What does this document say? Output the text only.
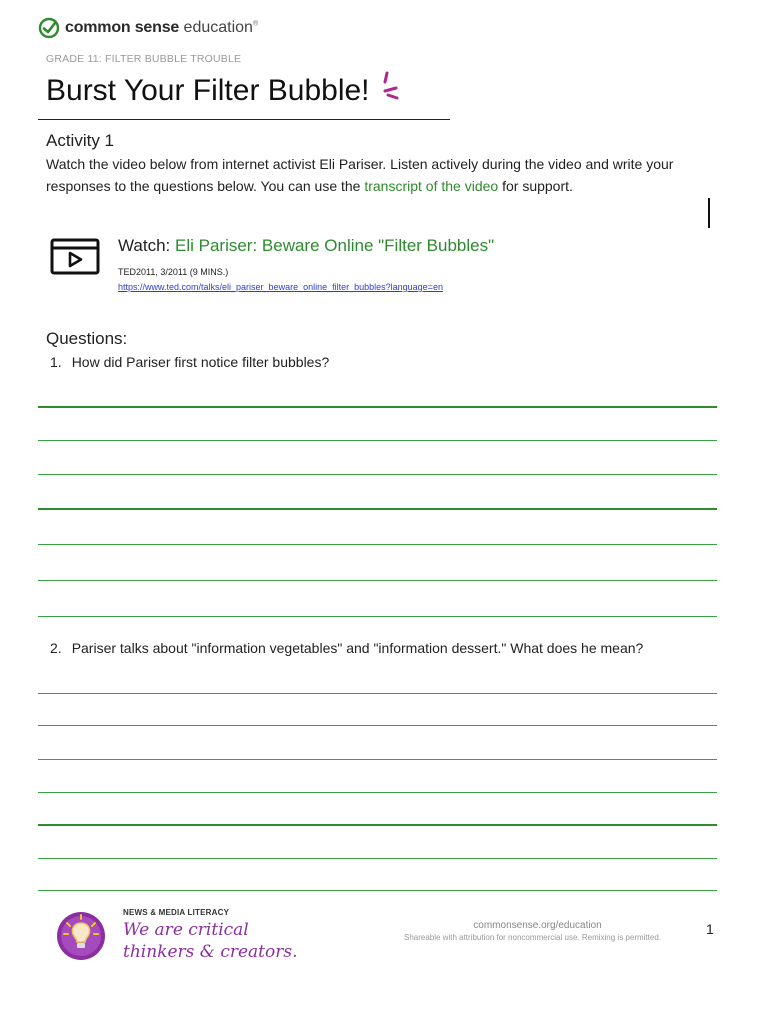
common sense education®
GRADE 11: FILTER BUBBLE TROUBLE
Burst Your Filter Bubble!
Activity 1
Watch the video below from internet activist Eli Pariser. Listen actively during the video and write your responses to the questions below. You can use the transcript of the video for support.
Watch: Eli Pariser: Beware Online "Filter Bubbles"
TED2011, 3/2011 (9 MINS.)
https://www.ted.com/talks/eli_pariser_beware_online_filter_bubbles?language=en
Questions:
1. How did Pariser first notice filter bubbles?
2. Pariser talks about "information vegetables" and "information dessert." What does he mean?
NEWS & MEDIA LITERACY
We are critical
thinkers & creators.
commonsense.org/education
Shareable with attribution for noncommercial use. Remixing is permitted.
1
